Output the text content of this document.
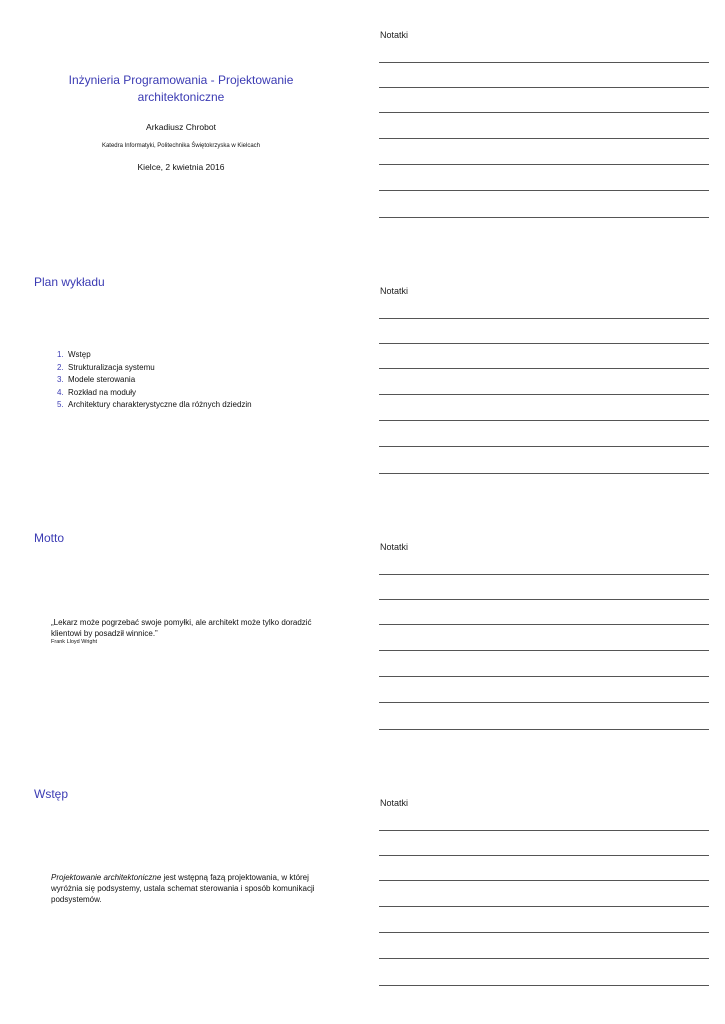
Inżynieria Programowania - Projektowanie
architektoniczne
Arkadiusz Chrobot
Katedra Informatyki, Politechnika Świętokrzyska w Kielcach
Kielce, 2 kwietnia 2016
Notatki
Plan wykładu
1. Wstęp
2. Strukturalizacja systemu
3. Modele sterowania
4. Rozkład na moduły
5. Architektury charakterystyczne dla różnych dziedzin
Notatki
Motto
„Lekarz może pogrzebać swoje pomyłki, ale architekt może tylko doradzić
klientowi by posadził winnice.”
Frank Lloyd Wright
Notatki
Wstęp
Projektowanie architektoniczne jest wstępną fazą projektowania, w której wyróżnia się podsystemy, ustala schemat sterowania i sposób komunikacji podsystemów.
Notatki
